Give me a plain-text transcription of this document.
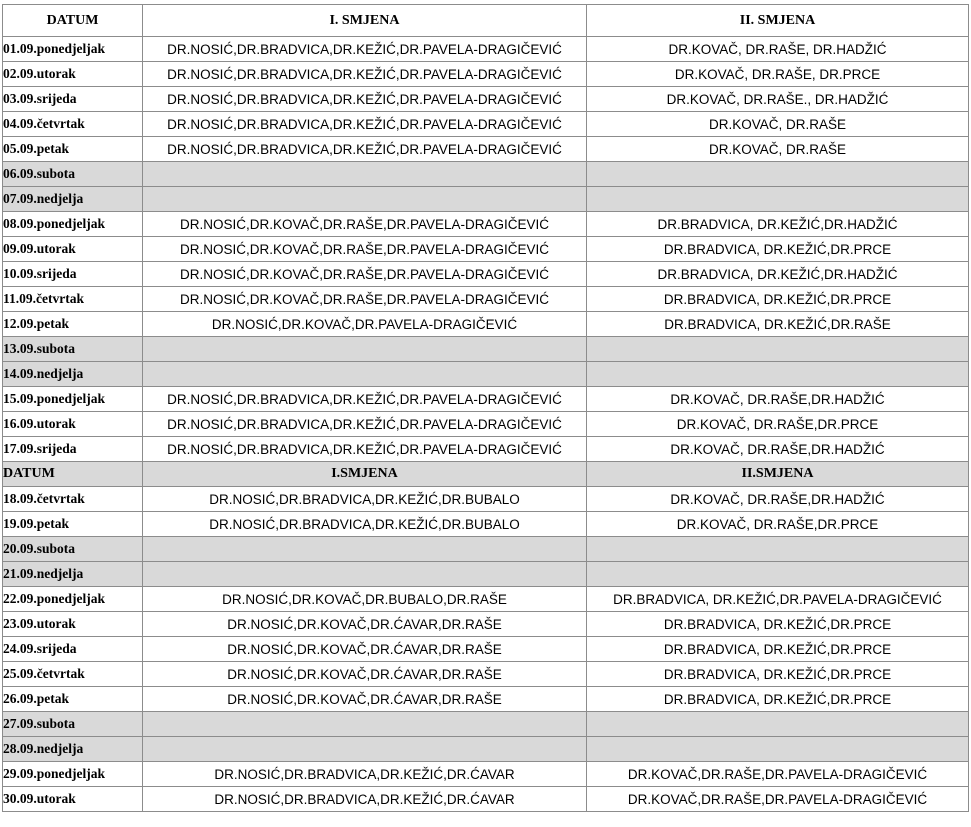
DATUM	I. SMJENA	II. SMJENA
01.09.ponedjeljak	DR.NOSIĆ,DR.BRADVICA,DR.KEŽIĆ,DR.PAVELA-DRAGIČEVIĆ	DR.KOVAČ, DR.RAŠE, DR.HADŽIĆ
02.09.utorak	DR.NOSIĆ,DR.BRADVICA,DR.KEŽIĆ,DR.PAVELA-DRAGIČEVIĆ	DR.KOVAČ, DR.RAŠE, DR.PRCE
03.09.srijeda	DR.NOSIĆ,DR.BRADVICA,DR.KEŽIĆ,DR.PAVELA-DRAGIČEVIĆ	DR.KOVAČ, DR.RAŠE., DR.HADŽIĆ
04.09.četvrtak	DR.NOSIĆ,DR.BRADVICA,DR.KEŽIĆ,DR.PAVELA-DRAGIČEVIĆ	DR.KOVAČ, DR.RAŠE
05.09.petak	DR.NOSIĆ,DR.BRADVICA,DR.KEŽIĆ,DR.PAVELA-DRAGIČEVIĆ	DR.KOVAČ, DR.RAŠE
06.09.subota		
07.09.nedjelja		
08.09.ponedjeljak	DR.NOSIĆ,DR.KOVAČ,DR.RAŠE,DR.PAVELA-DRAGIČEVIĆ	DR.BRADVICA, DR.KEŽIĆ,DR.HADŽIĆ
09.09.utorak	DR.NOSIĆ,DR.KOVAČ,DR.RAŠE,DR.PAVELA-DRAGIČEVIĆ	DR.BRADVICA, DR.KEŽIĆ,DR.PRCE
10.09.srijeda	DR.NOSIĆ,DR.KOVAČ,DR.RAŠE,DR.PAVELA-DRAGIČEVIĆ	DR.BRADVICA, DR.KEŽIĆ,DR.HADŽIĆ
11.09.četvrtak	DR.NOSIĆ,DR.KOVAČ,DR.RAŠE,DR.PAVELA-DRAGIČEVIĆ	DR.BRADVICA, DR.KEŽIĆ,DR.PRCE
12.09.petak	DR.NOSIĆ,DR.KOVAČ,DR.PAVELA-DRAGIČEVIĆ	DR.BRADVICA, DR.KEŽIĆ,DR.RAŠE
13.09.subota		
14.09.nedjelja		
15.09.ponedjeljak	DR.NOSIĆ,DR.BRADVICA,DR.KEŽIĆ,DR.PAVELA-DRAGIČEVIĆ	DR.KOVAČ, DR.RAŠE,DR.HADŽIĆ
16.09.utorak	DR.NOSIĆ,DR.BRADVICA,DR.KEŽIĆ,DR.PAVELA-DRAGIČEVIĆ	DR.KOVAČ, DR.RAŠE,DR.PRCE
17.09.srijeda	DR.NOSIĆ,DR.BRADVICA,DR.KEŽIĆ,DR.PAVELA-DRAGIČEVIĆ	DR.KOVAČ, DR.RAŠE,DR.HADŽIĆ
DATUM	I.SMJENA	II.SMJENA
18.09.četvrtak	DR.NOSIĆ,DR.BRADVICA,DR.KEŽIĆ,DR.BUBALO	DR.KOVAČ, DR.RAŠE,DR.HADŽIĆ
19.09.petak	DR.NOSIĆ,DR.BRADVICA,DR.KEŽIĆ,DR.BUBALO	DR.KOVAČ, DR.RAŠE,DR.PRCE
20.09.subota		
21.09.nedjelja		
22.09.ponedjeljak	DR.NOSIĆ,DR.KOVAČ,DR.BUBALO,DR.RAŠE	DR.BRADVICA, DR.KEŽIĆ,DR.PAVELA-DRAGIČEVIĆ
23.09.utorak	DR.NOSIĆ,DR.KOVAČ,DR.ĆAVAR,DR.RAŠE	DR.BRADVICA, DR.KEŽIĆ,DR.PRCE
24.09.srijeda	DR.NOSIĆ,DR.KOVAČ,DR.ĆAVAR,DR.RAŠE	DR.BRADVICA, DR.KEŽIĆ,DR.PRCE
25.09.četvrtak	DR.NOSIĆ,DR.KOVAČ,DR.ĆAVAR,DR.RAŠE	DR.BRADVICA, DR.KEŽIĆ,DR.PRCE
26.09.petak	DR.NOSIĆ,DR.KOVAČ,DR.ĆAVAR,DR.RAŠE	DR.BRADVICA, DR.KEŽIĆ,DR.PRCE
27.09.subota		
28.09.nedjelja		
29.09.ponedjeljak	DR.NOSIĆ,DR.BRADVICA,DR.KEŽIĆ,DR.ĆAVAR	DR.KOVAČ,DR.RAŠE,DR.PAVELA-DRAGIČEVIĆ
30.09.utorak	DR.NOSIĆ,DR.BRADVICA,DR.KEŽIĆ,DR.ĆAVAR	DR.KOVAČ,DR.RAŠE,DR.PAVELA-DRAGIČEVIĆ
